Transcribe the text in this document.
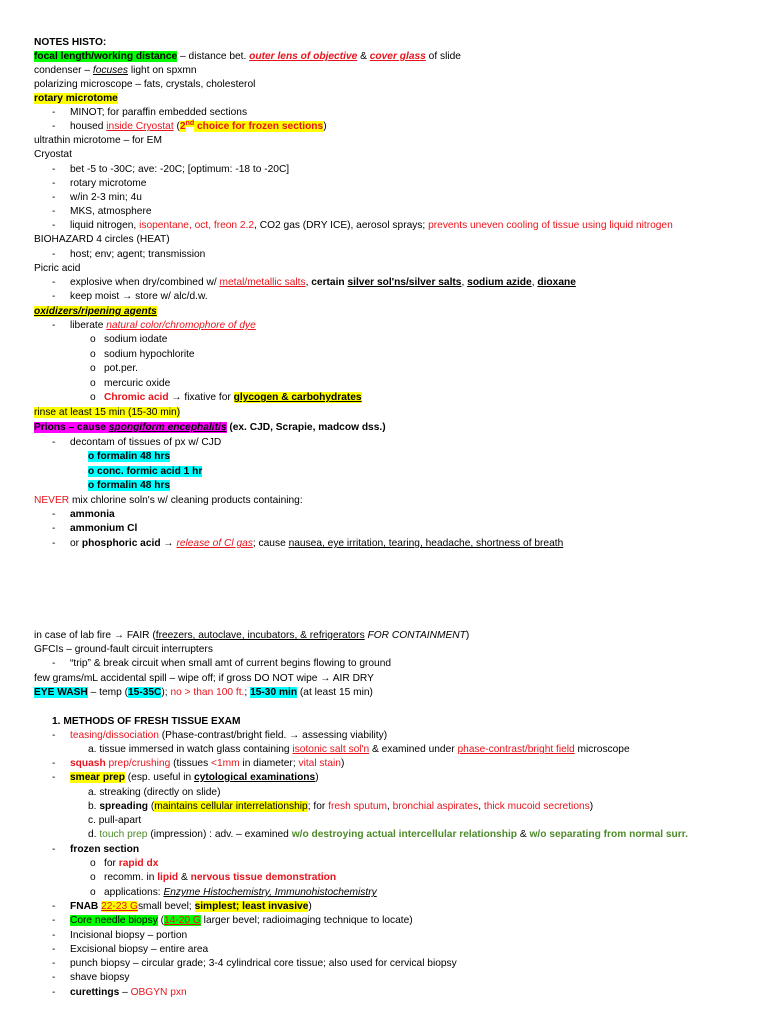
NOTES HISTO:
focal length/working distance – distance bet. outer lens of objective & cover glass of slide
condenser – focuses light on spxmn
polarizing microscope – fats, crystals, cholesterol
rotary microtome
- MINOT; for paraffin embedded sections
- housed inside Cryostat (2nd choice for frozen sections)
ultrathin microtome – for EM
Cryostat
- bet -5 to -30C; ave: -20C; [optimum: -18 to -20C]
- rotary microtome
- w/in 2-3 min; 4u
- MKS, atmosphere
- liquid nitrogen, isopentane, oct, freon 2.2, CO2 gas (DRY ICE), aerosol sprays; prevents uneven cooling of tissue using liquid nitrogen
BIOHAZARD 4 circles (HEAT)
- host; env; agent; transmission
Picric acid
- explosive when dry/combined w/ metal/metallic salts, certain silver sol'ns/silver salts, sodium azide, dioxane
- keep moist → store w/ alc/d.w.
oxidizers/ripening agents
- liberate natural color/chromophore of dye
o sodium iodate
o sodium hypochlorite
o pot.per.
o mercuric oxide
o Chromic acid → fixative for glycogen & carbohydrates
rinse at least 15 min (15-30 min)
Prions – cause spongiform encephalitis (ex. CJD, Scrapie, madcow dss.)
- decontam of tissues of px w/ CJD
o formalin 48 hrs
o conc. formic acid 1 hr
o formalin 48 hrs
NEVER mix chlorine soln's w/ cleaning products containing:
- ammonia
- ammonium Cl
- or phosphoric acid → release of Cl gas; cause nausea, eye irritation, tearing, headache, shortness of breath
in case of lab fire → FAIR (freezers, autoclave, incubators, & refrigerators FOR CONTAINMENT)
GFCIs – ground-fault circuit interrupters
- “trip” & break circuit when small amt of current begins flowing to ground
few grams/mL accidental spill – wipe off; if gross DO NOT wipe → AIR DRY
EYE WASH – temp (15-35C); no > than 100 ft.; 15-30 min (at least 15 min)
1. METHODS OF FRESH TISSUE EXAM
- teasing/dissociation (Phase-contrast/bright field. → assessing viability)
a. tissue immersed in watch glass containing isotonic salt sol'n & examined under phase-contrast/bright field microscope
- squash prep/crushing (tissues <1mm in diameter; vital stain)
- smear prep (esp. useful in cytological examinations)
a. streaking (directly on slide)
b. spreading (maintains cellular interrelationship; for fresh sputum, bronchial aspirates, thick mucoid secretions)
c. pull-apart
d. touch prep (impression) : adv. – examined w/o destroying actual intercellular relationship & w/o separating from normal surr.
- frozen section
o for rapid dx
o recomm. in lipid & nervous tissue demonstration
o applications: Enzyme Histochemistry, Immunohistochemistry
- FNAB 22-23 Gsmall bevel; simplest; least invasive)
- Core needle biopsy (14-20 G larger bevel; radioimaging technique to locate)
- Incisional biopsy – portion
- Excisional biopsy – entire area
- punch biopsy – circular grade; 3-4 cylindrical core tissue; also used for cervical biopsy
- shave biopsy
- curettings – OBGYN pxn
